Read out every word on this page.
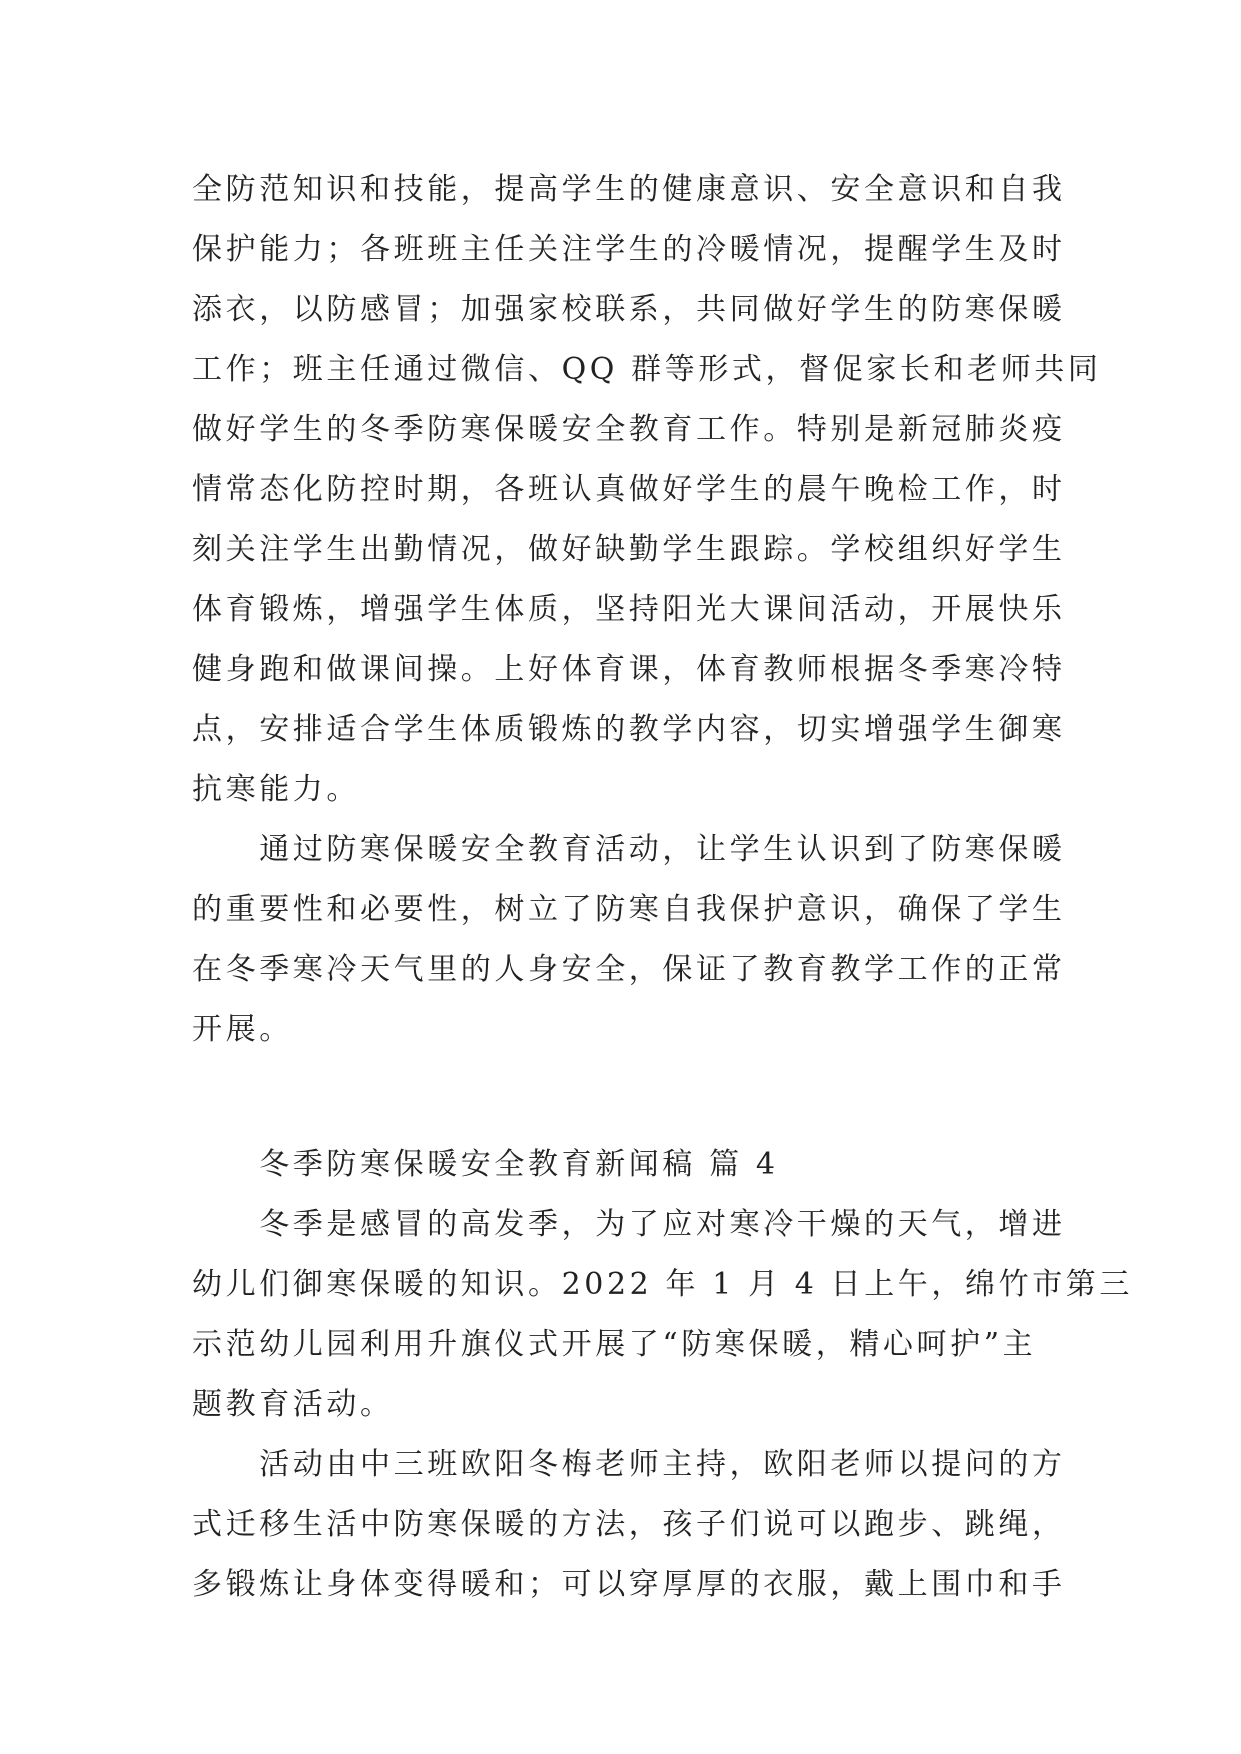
全防范知识和技能，提高学生的健康意识、安全意识和自我
保护能力；各班班主任关注学生的冷暖情况，提醒学生及时
添衣，以防感冒；加强家校联系，共同做好学生的防寒保暖
工作；班主任通过微信、QQ 群等形式，督促家长和老师共同
做好学生的冬季防寒保暖安全教育工作。特别是新冠肺炎疫
情常态化防控时期，各班认真做好学生的晨午晚检工作，时
刻关注学生出勤情况，做好缺勤学生跟踪。学校组织好学生
体育锻炼，增强学生体质，坚持阳光大课间活动，开展快乐
健身跑和做课间操。上好体育课，体育教师根据冬季寒冷特
点，安排适合学生体质锻炼的教学内容，切实增强学生御寒
抗寒能力。
　　通过防寒保暖安全教育活动，让学生认识到了防寒保暖
的重要性和必要性，树立了防寒自我保护意识，确保了学生
在冬季寒冷天气里的人身安全，保证了教育教学工作的正常
开展。
　　冬季防寒保暖安全教育新闻稿 篇 4
　　冬季是感冒的高发季，为了应对寒冷干燥的天气，增进
幼儿们御寒保暖的知识。2022 年 1 月 4 日上午，绵竹市第三
示范幼儿园利用升旗仪式开展了“防寒保暖，精心呵护”主
题教育活动。
　　活动由中三班欧阳冬梅老师主持，欧阳老师以提问的方
式迁移生活中防寒保暖的方法，孩子们说可以跑步、跳绳，
多锻炼让身体变得暖和；可以穿厚厚的衣服，戴上围巾和手
